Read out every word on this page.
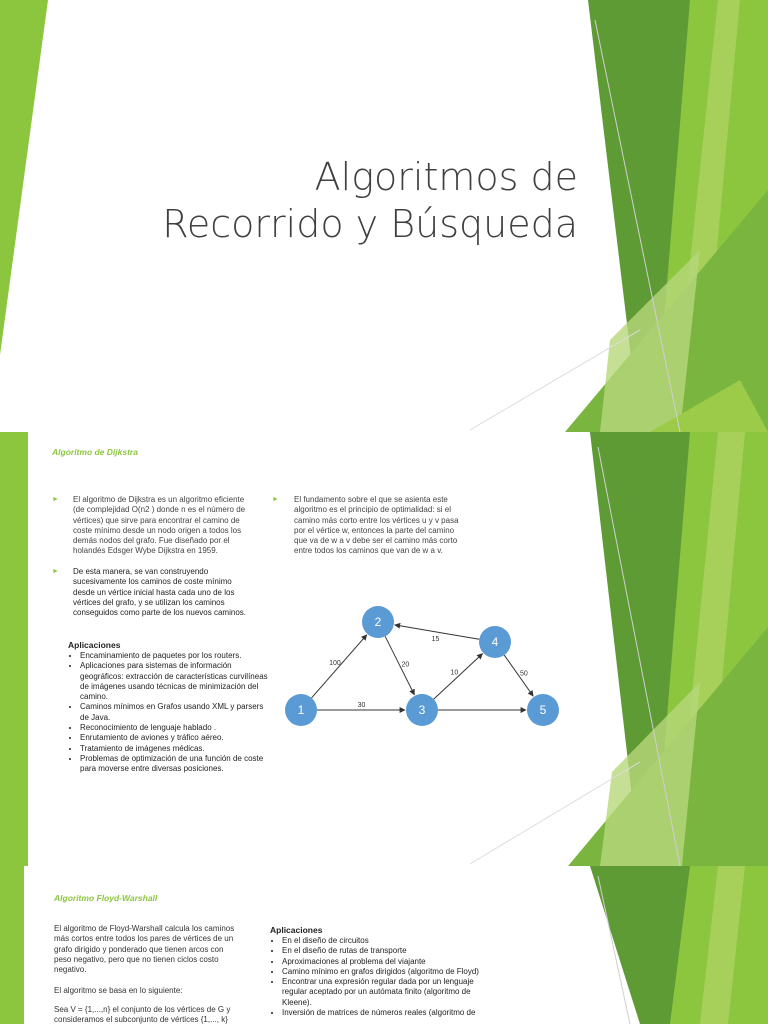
Algoritmos de
Recorrido y Búsqueda
Algoritmo de Dijkstra
► El algoritmo de Dijkstra es un algoritmo eficiente
(de complejidad O(n2 ) donde n es el número de
vértices) que sirve para encontrar el camino de
coste mínimo desde un nodo origen a todos los
demás nodos del grafo. Fue diseñado por el
holandés Edsger Wybe Dijkstra en 1959.
► De esta manera, se van construyendo
sucesivamente los caminos de coste mínimo
desde un vértice inicial hasta cada uno de los
vértices del grafo, y se utilizan los caminos
conseguidos como parte de los nuevos caminos.
Aplicaciones
• Encaminamiento de paquetes por los routers.
• Aplicaciones para sistemas de información geográficos: extracción de características curvilíneas de imágenes usando técnicas de minimización del camino.
• Caminos mínimos en Grafos usando XML y parsers de Java.
• Reconocimiento de lenguaje hablado .
• Enrutamiento de aviones y tráfico aéreo.
• Tratamiento de imágenes médicas.
• Problemas de optimización de una función de coste para moverse entre diversas posiciones.
► El fundamento sobre el que se asienta este
algoritmo es el principio de optimalidad: si el
camino más corto entre los vértices u y v pasa
por el vértice w, entonces la parte del camino
que va de w a v debe ser el camino más corto
entre todos los caminos que van de w a v.
100
30
20
10
15
50
1
2
3
4
5
Algoritmo Floyd-Warshall
El algoritmo de Floyd-Warshall calcula los caminos
más cortos entre todos los pares de vértices de un
grafo dirigido y ponderado que tienen arcos con
peso negativo, pero que no tienen ciclos costo
negativo.
El algoritmo se basa en lo siguiente:
Sea V = {1,...,n} el conjunto de los vértices de G y
consideramos el subconjunto de vértices {1,..., k}
Aplicaciones
• En el diseño de circuitos
• En el diseño de rutas de transporte
• Aproximaciones al problema del viajante
• Camino mínimo en grafos dirigidos (algoritmo de Floyd)
• Encontrar una expresión regular dada por un lenguaje regular aceptado por un autómata finito (algoritmo de Kleene).
• Inversión de matrices de números reales (algoritmo de
